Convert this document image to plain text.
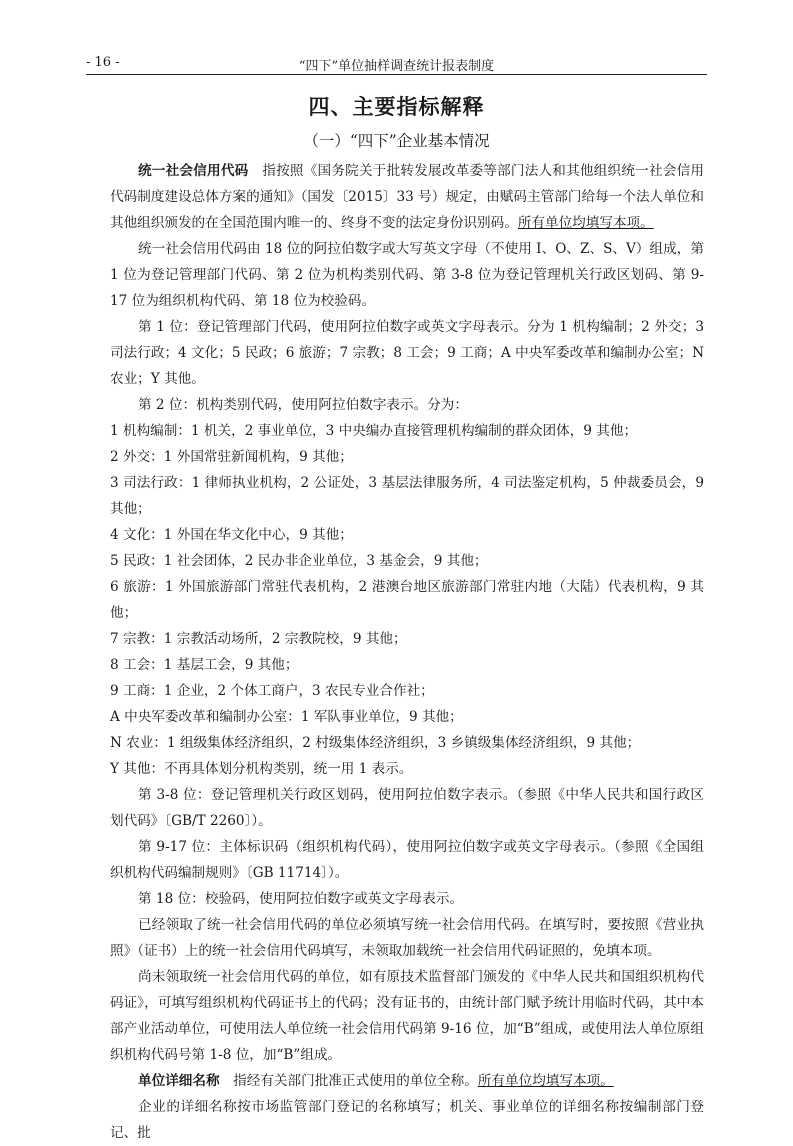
- 16 -	“四下”单位抽样调查统计报表制度
四、主要指标解释
（一）“四下”企业基本情况

统一社会信用代码　指按照《国务院关于批转发展改革委等部门法人和其他组织统一社会信用代码制度建设总体方案的通知》（国发〔2015〕33 号）规定，由赋码主管部门给每一个法人单位和其他组织颁发的在全国范围内唯一的、终身不变的法定身份识别码。所有单位均填写本项。

统一社会信用代码由 18 位的阿拉伯数字或大写英文字母（不使用 I、O、Z、S、V）组成，第 1 位为登记管理部门代码、第 2 位为机构类别代码、第 3-8 位为登记管理机关行政区划码、第 9-17 位为组织机构代码、第 18 位为校验码。

第 1 位：登记管理部门代码，使用阿拉伯数字或英文字母表示。分为 1 机构编制；2 外交；3 司法行政；4 文化；5 民政；6 旅游；7 宗教；8 工会；9 工商；A 中央军委改革和编制办公室；N 农业；Y 其他。

第 2 位：机构类别代码，使用阿拉伯数字表示。分为：

1 机构编制：1 机关，2 事业单位，3 中央编办直接管理机构编制的群众团体，9 其他；

2 外交：1 外国常驻新闻机构，9 其他；

3 司法行政：1 律师执业机构，2 公证处，3 基层法律服务所，4 司法鉴定机构，5 仲裁委员会，9 其他；

4 文化：1 外国在华文化中心，9 其他；

5 民政：1 社会团体，2 民办非企业单位，3 基金会，9 其他；

6 旅游：1 外国旅游部门常驻代表机构，2 港澳台地区旅游部门常驻内地（大陆）代表机构，9 其他；

7 宗教：1 宗教活动场所，2 宗教院校，9 其他；

8 工会：1 基层工会，9 其他；

9 工商：1 企业，2 个体工商户，3 农民专业合作社；

A 中央军委改革和编制办公室：1 军队事业单位，9 其他；

N 农业：1 组级集体经济组织，2 村级集体经济组织，3 乡镇级集体经济组织，9 其他；

Y 其他：不再具体划分机构类别，统一用 1 表示。

第 3-8 位：登记管理机关行政区划码，使用阿拉伯数字表示。（参照《中华人民共和国行政区划代码》〔GB/T 2260〕）。

第 9-17 位：主体标识码（组织机构代码），使用阿拉伯数字或英文字母表示。（参照《全国组织机构代码编制规则》〔GB 11714〕）。

第 18 位：校验码，使用阿拉伯数字或英文字母表示。

已经领取了统一社会信用代码的单位必须填写统一社会信用代码。在填写时，要按照《营业执照》（证书）上的统一社会信用代码填写，未领取加载统一社会信用代码证照的，免填本项。

尚未领取统一社会信用代码的单位，如有原技术监督部门颁发的《中华人民共和国组织机构代码证》，可填写组织机构代码证书上的代码；没有证书的，由统计部门赋予统计用临时代码，其中本部产业活动单位，可使用法人单位统一社会信用代码第 9-16 位，加“B”组成，或使用法人单位原组织机构代码号第 1-8 位，加“B”组成。

单位详细名称　指经有关部门批准正式使用的单位全称。所有单位均填写本项。

企业的详细名称按市场监管部门登记的名称填写；机关、事业单位的详细名称按编制部门登记、批
